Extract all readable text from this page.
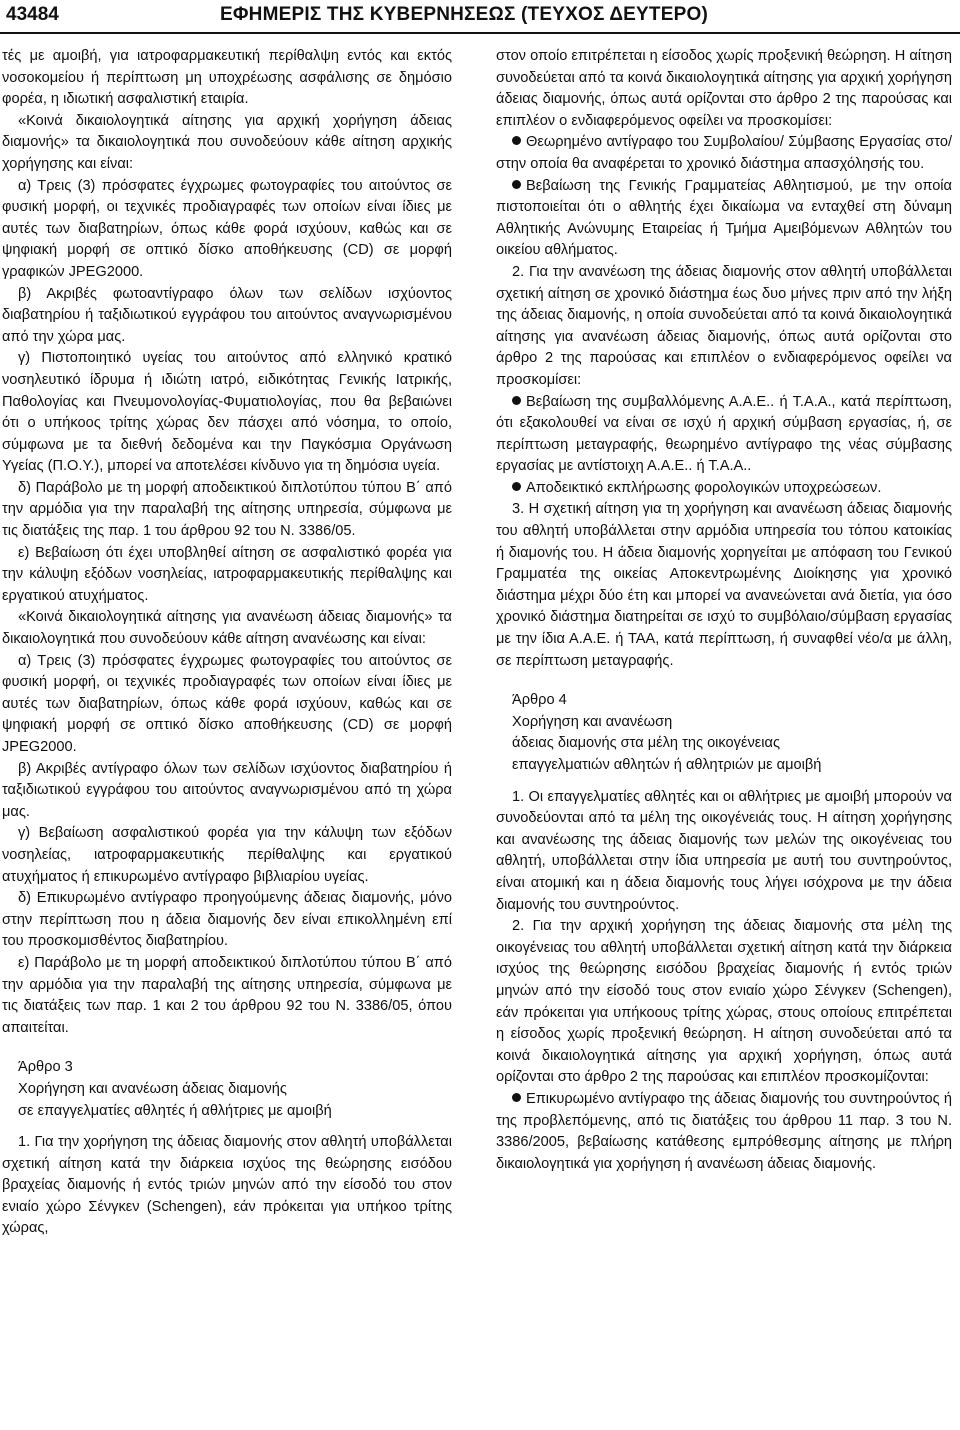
43484	ΕΦΗΜΕΡΙΣ ΤΗΣ ΚΥΒΕΡΝΗΣΕΩΣ (ΤΕΥΧΟΣ ΔΕΥΤΕΡΟ)

τές με αμοιβή, για ιατροφαρμακευτική περίθαλψη εντός και εκτός νοσοκομείου ή περίπτωση μη υποχρέωσης ασφάλισης σε δημόσιο φορέα, η ιδιωτική ασφαλιστική εταιρία.

«Κοινά δικαιολογητικά αίτησης για αρχική χορήγηση άδειας διαμονής» τα δικαιολογητικά που συνοδεύουν κάθε αίτηση αρχικής χορήγησης και είναι:

α) Τρεις (3) πρόσφατες έγχρωμες φωτογραφίες του αιτούντος σε φυσική μορφή, οι τεχνικές προδιαγραφές των οποίων είναι ίδιες με αυτές των διαβατηρίων, όπως κάθε φορά ισχύουν, καθώς και σε ψηφιακή μορφή σε οπτικό δίσκο αποθήκευσης (CD) σε μορφή γραφικών JPEG2000.

β) Ακριβές φωτοαντίγραφο όλων των σελίδων ισχύοντος διαβατηρίου ή ταξιδιωτικού εγγράφου του αιτούντος αναγνωρισμένου από την χώρα μας.

γ) Πιστοποιητικό υγείας του αιτούντος από ελληνικό κρατικό νοσηλευτικό ίδρυμα ή ιδιώτη ιατρό, ειδικότητας Γενικής Ιατρικής, Παθολογίας και Πνευμονολογίας-Φυματιολογίας, που θα βεβαιώνει ότι ο υπήκοος τρίτης χώρας δεν πάσχει από νόσημα, το οποίο, σύμφωνα με τα διεθνή δεδομένα και την Παγκόσμια Οργάνωση Υγείας (Π.Ο.Υ.), μπορεί να αποτελέσει κίνδυνο για τη δημόσια υγεία.

δ) Παράβολο με τη μορφή αποδεικτικού διπλοτύπου τύπου Β΄ από την αρμόδια για την παραλαβή της αίτησης υπηρεσία, σύμφωνα με τις διατάξεις της παρ. 1 του άρθρου 92 του Ν. 3386/05.

ε) Βεβαίωση ότι έχει υποβληθεί αίτηση σε ασφαλιστικό φορέα για την κάλυψη εξόδων νοσηλείας, ιατροφαρμακευτικής περίθαλψης και εργατικού ατυχήματος.

«Κοινά δικαιολογητικά αίτησης για ανανέωση άδειας διαμονής» τα δικαιολογητικά που συνοδεύουν κάθε αίτηση ανανέωσης και είναι:

α) Τρεις (3) πρόσφατες έγχρωμες φωτογραφίες του αιτούντος σε φυσική μορφή, οι τεχνικές προδιαγραφές των οποίων είναι ίδιες με αυτές των διαβατηρίων, όπως κάθε φορά ισχύουν, καθώς και σε ψηφιακή μορφή σε οπτικό δίσκο αποθήκευσης (CD) σε μορφή JPEG2000.

β) Ακριβές αντίγραφο όλων των σελίδων ισχύοντος διαβατηρίου ή ταξιδιωτικού εγγράφου του αιτούντος αναγνωρισμένου από τη χώρα μας.

γ) Βεβαίωση ασφαλιστικού φορέα για την κάλυψη των εξόδων νοσηλείας, ιατροφαρμακευτικής περίθαλψης και εργατικού ατυχήματος ή επικυρωμένο αντίγραφο βιβλιαρίου υγείας.

δ) Επικυρωμένο αντίγραφο προηγούμενης άδειας διαμονής, μόνο στην περίπτωση που η άδεια διαμονής δεν είναι επικολλημένη επί του προσκομισθέντος διαβατηρίου.

ε) Παράβολο με τη μορφή αποδεικτικού διπλοτύπου τύπου Β΄ από την αρμόδια για την παραλαβή της αίτησης υπηρεσία, σύμφωνα με τις διατάξεις των παρ. 1 και 2 του άρθρου 92 του Ν. 3386/05, όπου απαιτείται.

Άρθρο 3

Χορήγηση και ανανέωση άδειας διαμονής

σε επαγγελματίες αθλητές ή αθλήτριες με αμοιβή

1. Για την χορήγηση της άδειας διαμονής στον αθλητή υποβάλλεται σχετική αίτηση κατά την διάρκεια ισχύος της θεώρησης εισόδου βραχείας διαμονής ή εντός τριών μηνών από την είσοδό του στον ενιαίο χώρο Σένγκεν (Schengen), εάν πρόκειται για υπήκοο τρίτης χώρας,

στον οποίο επιτρέπεται η είσοδος χωρίς προξενική θεώρηση. Η αίτηση συνοδεύεται από τα κοινά δικαιολογητικά αίτησης για αρχική χορήγηση άδειας διαμονής, όπως αυτά ορίζονται στο άρθρο 2 της παρούσας και επιπλέον ο ενδιαφερόμενος οφείλει να προσκομίσει:

Θεωρημένο αντίγραφο του Συμβολαίου/ Σύμβασης Εργασίας στο/στην οποία θα αναφέρεται το χρονικό διάστημα απασχόλησής του.

Βεβαίωση της Γενικής Γραμματείας Αθλητισμού, με την οποία πιστοποιείται ότι ο αθλητής έχει δικαίωμα να ενταχθεί στη δύναμη Αθλητικής Ανώνυμης Εταιρείας ή Τμήμα Αμειβόμενων Αθλητών του οικείου αθλήματος.

2. Για την ανανέωση της άδειας διαμονής στον αθλητή υποβάλλεται σχετική αίτηση σε χρονικό διάστημα έως δυο μήνες πριν από την λήξη της άδειας διαμονής, η οποία συνοδεύεται από τα κοινά δικαιολογητικά αίτησης για ανανέωση άδειας διαμονής, όπως αυτά ορίζονται στο άρθρο 2 της παρούσας και επιπλέον ο ενδιαφερόμενος οφείλει να προσκομίσει:

Βεβαίωση της συμβαλλόμενης Α.Α.Ε.. ή Τ.Α.Α., κατά περίπτωση, ότι εξακολουθεί να είναι σε ισχύ ή αρχική σύμβαση εργασίας, ή, σε περίπτωση μεταγραφής, θεωρημένο αντίγραφο της νέας σύμβασης εργασίας με αντίστοιχη Α.Α.Ε.. ή Τ.Α.Α..

Αποδεικτικό εκπλήρωσης φορολογικών υποχρεώσεων.

3. Η σχετική αίτηση για τη χορήγηση και ανανέωση άδειας διαμονής του αθλητή υποβάλλεται στην αρμόδια υπηρεσία του τόπου κατοικίας ή διαμονής του. Η άδεια διαμονής χορηγείται με απόφαση του Γενικού Γραμματέα της οικείας Αποκεντρωμένης Διοίκησης για χρονικό διάστημα μέχρι δύο έτη και μπορεί να ανανεώνεται ανά διετία, για όσο χρονικό διάστημα διατηρείται σε ισχύ το συμβόλαιο/σύμβαση εργασίας με την ίδια Α.Α.Ε. ή ΤΑΑ, κατά περίπτωση, ή συναφθεί νέο/α με άλλη, σε περίπτωση μεταγραφής.

Άρθρο 4

Χορήγηση και ανανέωση

άδειας διαμονής στα μέλη της οικογένειας

επαγγελματιών αθλητών ή αθλητριών με αμοιβή

1. Οι επαγγελματίες αθλητές και οι αθλήτριες με αμοιβή μπορούν να συνοδεύονται από τα μέλη της οικογένειάς τους. Η αίτηση χορήγησης και ανανέωσης της άδειας διαμονής των μελών της οικογένειας του αθλητή, υποβάλλεται στην ίδια υπηρεσία με αυτή του συντηρούντος, είναι ατομική και η άδεια διαμονής τους λήγει ισόχρονα με την άδεια διαμονής του συντηρούντος.

2. Για την αρχική χορήγηση της άδειας διαμονής στα μέλη της οικογένειας του αθλητή υποβάλλεται σχετική αίτηση κατά την διάρκεια ισχύος της θεώρησης εισόδου βραχείας διαμονής ή εντός τριών μηνών από την είσοδό τους στον ενιαίο χώρο Σένγκεν (Schengen), εάν πρόκειται για υπήκοους τρίτης χώρας, στους οποίους επιτρέπεται η είσοδος χωρίς προξενική θεώρηση. Η αίτηση συνοδεύεται από τα κοινά δικαιολογητικά αίτησης για αρχική χορήγηση, όπως αυτά ορίζονται στο άρθρο 2 της παρούσας και επιπλέον προσκομίζονται:

Επικυρωμένο αντίγραφο της άδειας διαμονής του συντηρούντος ή της προβλεπόμενης, από τις διατάξεις του άρθρου 11 παρ. 3 του Ν. 3386/2005, βεβαίωσης κατάθεσης εμπρόθεσμης αίτησης με πλήρη δικαιολογητικά για χορήγηση ή ανανέωση άδειας διαμονής.
